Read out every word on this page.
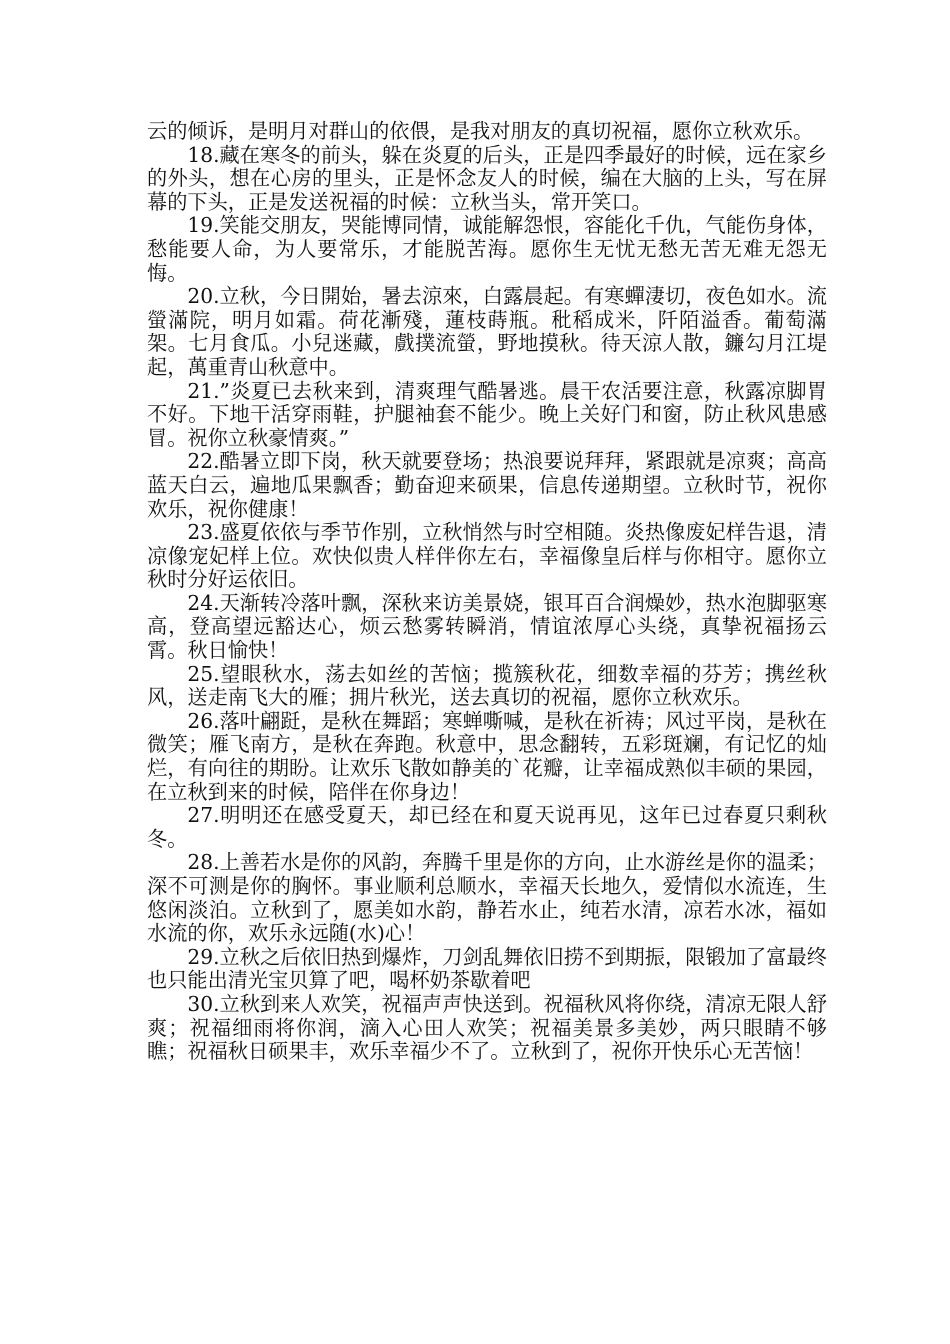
云的倾诉，是明月对群山的依偎，是我对朋友的真切祝福，愿你立秋欢乐。

18.藏在寒冬的前头，躲在炎夏的后头，正是四季最好的时候，远在家乡的外头，想在心房的里头，正是怀念友人的时候，编在大脑的上头，写在屏幕的下头，正是发送祝福的时候：立秋当头，常开笑口。

19.笑能交朋友，哭能博同情，诚能解怨恨，容能化千仇，气能伤身体，愁能要人命，为人要常乐，才能脱苦海。愿你生无忧无愁无苦无难无怨无悔。

20.立秋，今日開始，暑去涼來，白露晨起。有寒蟬淒切，夜色如水。流螢滿院，明月如霜。荷花漸殘，蓮枝蒔瓶。秕稻成米，阡陌溢香。葡萄滿架。七月食瓜。小兒迷藏，戲撲流螢，野地摸秋。待天涼人散，鐮勾月江堤起，萬重青山秋意中。

21.”炎夏已去秋来到，清爽理气酷暑逃。晨干农活要注意，秋露凉脚胃不好。下地干活穿雨鞋，护腿袖套不能少。晚上关好门和窗，防止秋风患感冒。祝你立秋豪情爽。”

22.酷暑立即下岗，秋天就要登场；热浪要说拜拜，紧跟就是凉爽；高高蓝天白云，遍地瓜果飘香；勤奋迎来硕果，信息传递期望。立秋时节，祝你欢乐，祝你健康！

23.盛夏依依与季节作别，立秋悄然与时空相随。炎热像废妃样告退，清凉像宠妃样上位。欢快似贵人样伴你左右，幸福像皇后样与你相守。愿你立秋时分好运依旧。

24.天渐转冷落叶飘，深秋来访美景娆，银耳百合润燥妙，热水泡脚驱寒高，登高望远豁达心，烦云愁雾转瞬消，情谊浓厚心头绕，真挚祝福扬云霄。秋日愉快！

25.望眼秋水，荡去如丝的苦恼；揽簇秋花，细数幸福的芬芳；携丝秋风，送走南飞大的雁；拥片秋光，送去真切的祝福，愿你立秋欢乐。

26.落叶翩跹，是秋在舞蹈；寒蝉嘶喊，是秋在祈祷；风过平岗，是秋在微笑；雁飞南方，是秋在奔跑。秋意中，思念翻转，五彩斑斓，有记忆的灿烂，有向往的期盼。让欢乐飞散如静美的`花瓣，让幸福成熟似丰硕的果园，在立秋到来的时候，陪伴在你身边！

27.明明还在感受夏天，却已经在和夏天说再见，这年已过春夏只剩秋冬。

28.上善若水是你的风韵，奔腾千里是你的方向，止水游丝是你的温柔；深不可测是你的胸怀。事业顺利总顺水，幸福天长地久，爱情似水流连，生悠闲淡泊。立秋到了，愿美如水韵，静若水止，纯若水清，凉若水冰，福如水流的你，欢乐永远随(水)心！

29.立秋之后依旧热到爆炸，刀剑乱舞依旧捞不到期振，限锻加了富最终也只能出清光宝贝算了吧，喝杯奶茶歇着吧

30.立秋到来人欢笑，祝福声声快送到。祝福秋风将你绕，清凉无限人舒爽；祝福细雨将你润，滴入心田人欢笑；祝福美景多美妙，两只眼睛不够瞧；祝福秋日硕果丰，欢乐幸福少不了。立秋到了，祝你开快乐心无苦恼！
